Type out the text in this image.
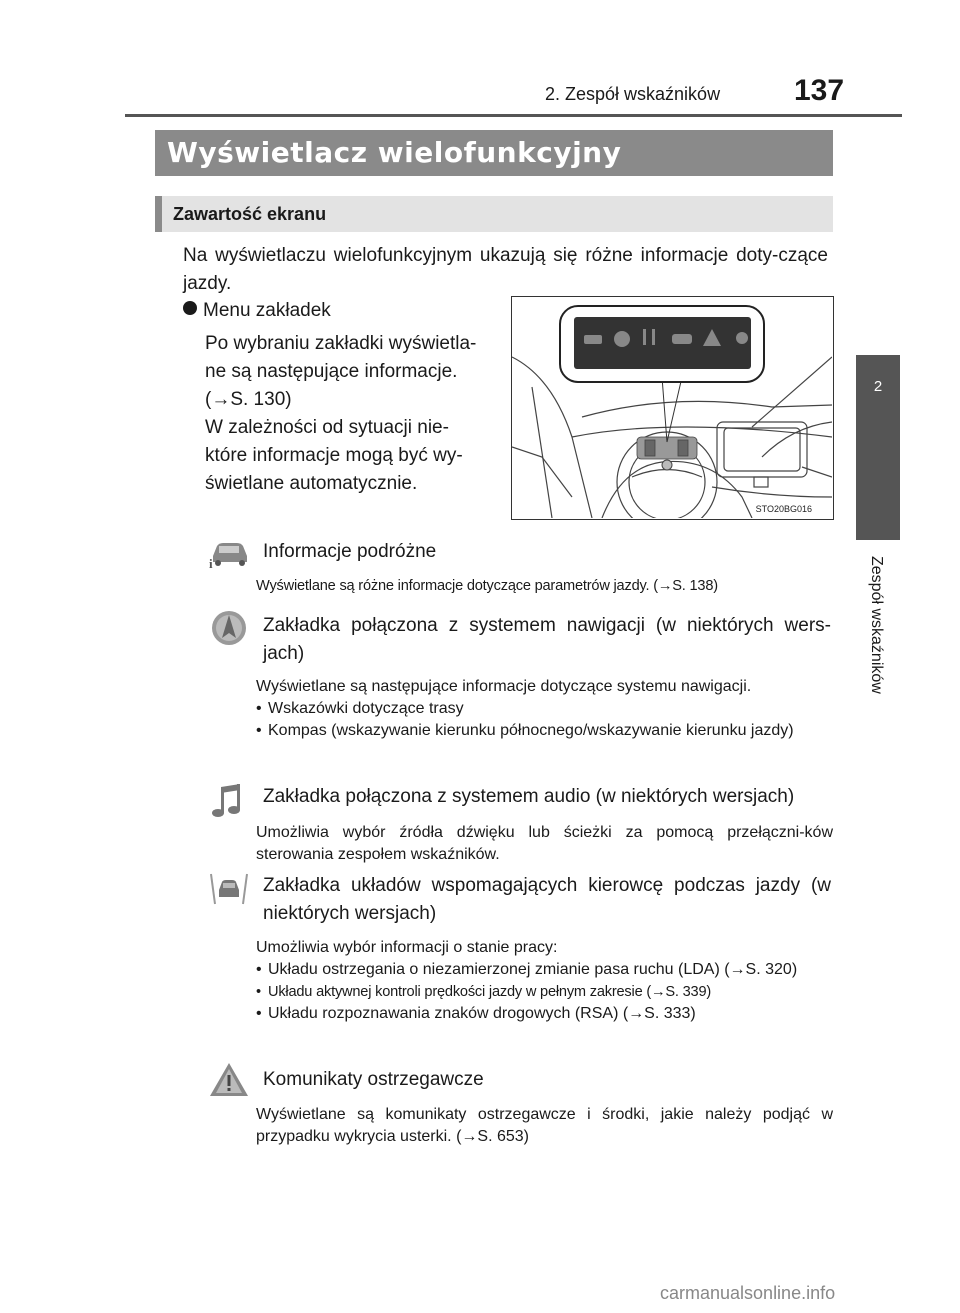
2. Zespół wskaźników 137
2
Zespół wskaźników
Wyświetlacz wielofunkcyjny
Zawartość ekranu
Na wyświetlaczu wielofunkcyjnym ukazują się różne informacje doty-czące jazdy.
Menu zakładek
Po wybraniu zakładki wyświetla-
ne są następujące informacje.
(→S. 130)
W zależności od sytuacji nie-
które informacje mogą być wy-
świetlane automatycznie.
STO20BG016
i
Informacje podróżne
Wyświetlane są różne informacje dotyczące parametrów jazdy. (→S. 138)
Zakładka połączona z systemem nawigacji (w niektórych wers-jach)
Wyświetlane są następujące informacje dotyczące systemu nawigacji.
• Wskazówki dotyczące trasy
• Kompas (wskazywanie kierunku północnego/wskazywanie kierunku jazdy)
Zakładka połączona z systemem audio (w niektórych wersjach)
Umożliwia wybór źródła dźwięku lub ścieżki za pomocą przełączni-ków sterowania zespołem wskaźników.
Zakładka układów wspomagających kierowcę podczas jazdy (w niektórych wersjach)
Umożliwia wybór informacji o stanie pracy:
• Układu ostrzegania o niezamierzonej zmianie pasa ruchu (LDA) (→S. 320)
• Układu aktywnej kontroli prędkości jazdy w pełnym zakresie (→S. 339)
• Układu rozpoznawania znaków drogowych (RSA) (→S. 333)
Komunikaty ostrzegawcze
Wyświetlane są komunikaty ostrzegawcze i środki, jakie należy podjąć w przypadku wykrycia usterki. (→S. 653)
carmanualsonline.info
